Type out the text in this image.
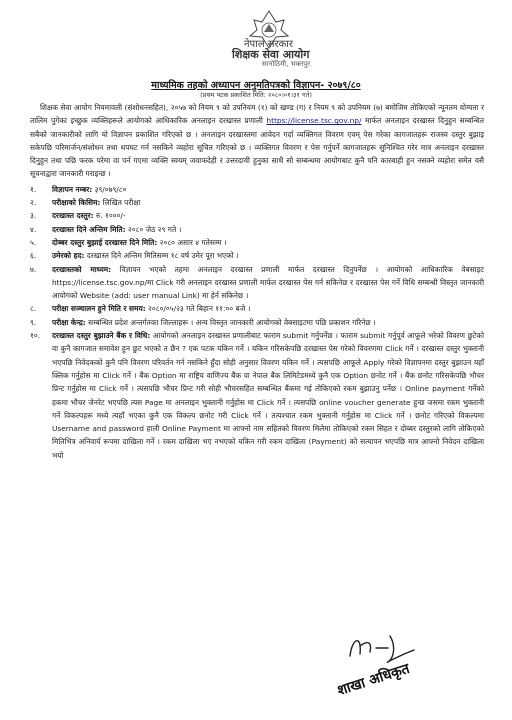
नेपाल सरकार
शिक्षक सेवा आयोग
सानोठिमी, भक्तपुर
माध्यमिक तहको अध्यापन अनुमतिपत्रको विज्ञापन- २०७९/८०
(प्रथम पटक प्रकाशित मिति: २०८०।०१।३१ गते)

शिक्षक सेवा आयोग नियमावली (संशोधनसहित), २०५७ को नियम ९ को उपनियम (१) को खण्ड (ग) र नियम ९ को उपनियम (७) बमोजिम तोकिएको न्यूनतम योग्यता र तालिम पुगेका इच्छुक व्यक्तिहरूले आयोगको आधिकारिक अनलाइन दरखास्त प्रणाली https://license.tsc.gov.np/ मार्फत अनलाइन दरखास्त दिनुहुन सम्बन्धित सबैको जानकारीको लागि यो विज्ञापन प्रकाशित गरिएको छ । अनलाइन दरखास्तमा आवेदन गर्दा व्यक्तिगत विवरण एवम् पेस गरेका कागजातहरू राजस्व दस्तुर बुझाइ सकेपछि परिमार्जन/संशोधन तथा थपघट गर्न नसकिने व्यहोरा सूचित गरिएको छ । व्यक्तिगत विवरण र पेस गर्नुपर्ने कागजातहरू सुनिश्चित गरेर मात्र अनलाइन दरखास्त दिनुहुन तथा पछि फरक परेमा वा पर्न गएमा व्यक्ति स्वयम् जवाफदेही र उत्तरदायी हुनुका साथै सो सम्बन्धमा आयोगबाट कुनै पनि कारबाही हुन नसक्ने व्यहोरा समेत यसै सूचनाद्वारा जानकारी गराइन्छ ।

१.	विज्ञापन नम्बर: ३९/०७९/८०
२.	परीक्षाको किसिम: लिखित परीक्षा
३.	दरखास्त दस्तुर: रु. १०००/-
४.	दरखास्त दिने अन्तिम मिति: २०८० जेठ २९ गते ।
५.	दोब्बर दस्तुर बुझाई दरखास्त दिने मिति: २०८० असार ४ गतेसम्म ।
६.	उमेरको हद: दरखास्त दिने अन्तिम मितिसम्म १८ वर्ष उमेर पूरा भएको ।
७.	दरखास्तको माध्यम: विज्ञापन भएको तहमा अनलाइन दरखास्त प्रणाली मार्फत दरखास्त दिनुपर्नेछ । आयोगको आधिकारिक वेबसाइट https://license.tsc.gov.np/मा Click गरी अनलाइन दरखास्त प्रणाली मार्फत दरखास्त पेस गर्न सकिनेछ र दरखास्त पेस गर्ने विधि सम्बन्धी विस्तृत जानकारी आयोगको Website (add: user manual Link) मा हेर्न सकिनेछ ।
८.	परीक्षा सञ्चालन हुने मिति र समय: २०८०/०५/२३ गते बिहान ११:०० बजे ।
९.	परीक्षा केन्द्र: सम्बन्धित प्रदेश अन्तर्गतका जिल्लाहरू । अन्य विस्तृत जानकारी आयोगको वेबसाइटमा पछि प्रकाशन गरिनेछ ।
१०.	दरखास्त दस्तुर बुझाउने बैंक र विधि: आयोगको अनलाइन दरखास्त प्रणालीबाट फाराम submit गर्नुपर्नेछ । फाराम submit गर्नुपूर्व आफूले भरेको विवरण छुटेको वा कुनै कागजात समावेश हुन छुट भएको त छैन ? एक पटक यकिन गर्ने । यकिन गरिसकेपछि दरखास्त पेस गरेको विवरणमा Click गर्ने । दरखास्त दस्तुर भुक्तानी भएपछि निवेदकको कुनै पनि विवरण परिवर्तन गर्न नसकिने हुँदा सोही अनुसार विवरण यकिन गर्ने । त्यसपछि आफूले Apply गरेको विज्ञापनमा दस्तुर बुझाउन यहाँ क्लिक गर्नुहोस मा Click गर्ने । बैंक Option मा राष्ट्रिय वाणिज्य बैंक वा नेपाल बैंक लिमिटेडमध्ये कुनै एक Option छनोट गर्ने । बैंक छनोट गरिसकेपछि भौचर प्रिन्ट गर्नुहोस मा Click गर्ने । त्यसपछि भौचर प्रिन्ट गरी सोही भौचरसहित सम्बन्धित बैंकमा गई तोकिएको रकम बुझाउनु पर्नेछ । Online payment गर्नेको हकमा भौचर जेनरेट भएपछि त्यस Page मा अनलाइन भुक्तानी गर्नुहोस मा Click गर्ने । त्यसपछि online voucher generate हुन्छ जसमा रकम भुक्तानी गर्ने विकल्पहरू मध्ये त्यहाँ भएका कुनै एक विकल्प छनोट गरी Click गर्ने । तत्पश्चात रकम भुक्तानी गर्नुहोस मा Click गर्ने । छनोट गरिएको विकल्पमा Username and password हाली Online Payment मा आफ्नो नाम सहितको विवरण मिलेमा तोकिएको रकम सिहत र दोब्बर दस्तुरको लागि तोकिएको मितिभित्र अनिवार्य रूपमा दाखिला गर्ने । रकम दाखिला भए नभएको यकिन गरी रकम दाखिला (Payment) को सत्यापन भएपछि मात्र आफ्नो निवेदन दाखिला भयो
शाखा अधिकृत
